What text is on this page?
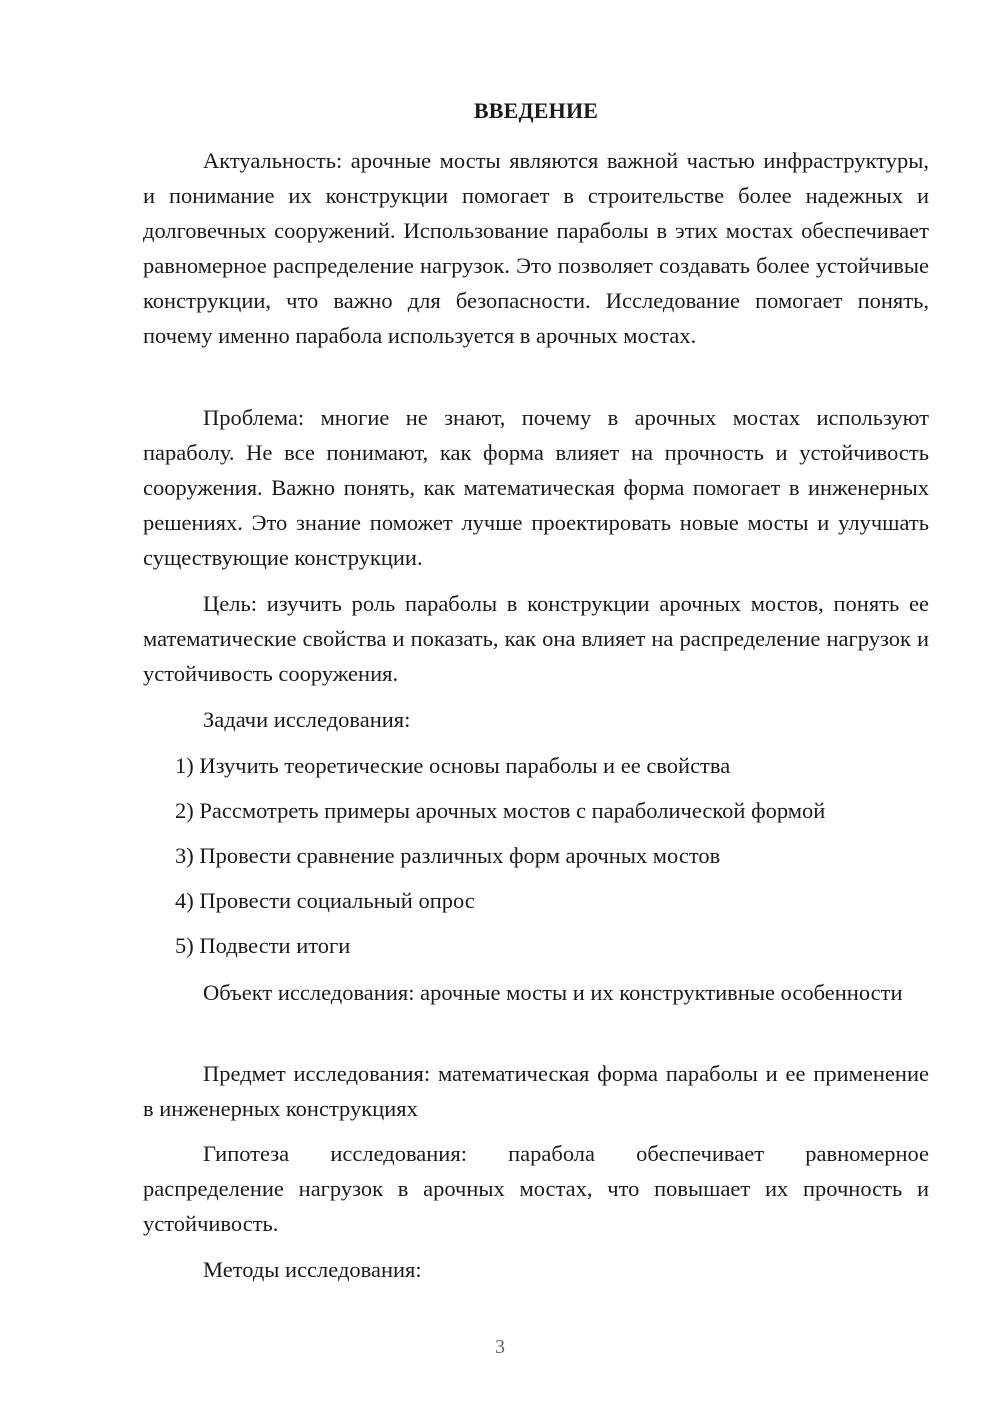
ВВЕДЕНИЕ

Актуальность: арочные мосты являются важной частью инфраструктуры, и понимание их конструкции помогает в строительстве более надежных и долговечных сооружений. Использование параболы в этих мостах обеспечивает равномерное распределение нагрузок. Это позволяет создавать более устойчивые конструкции, что важно для безопасности. Исследование помогает понять, почему именно парабола используется в арочных мостах.

Проблема: многие не знают, почему в арочных мостах используют параболу. Не все понимают, как форма влияет на прочность и устойчивость сооружения. Важно понять, как математическая форма помогает в инженерных решениях. Это знание поможет лучше проектировать новые мосты и улучшать существующие конструкции.

Цель: изучить роль параболы в конструкции арочных мостов, понять ее математические свойства и показать, как она влияет на распределение нагрузок и устойчивость сооружения.

Задачи исследования:

1) Изучить теоретические основы параболы и ее свойства

2) Рассмотреть примеры арочных мостов с параболической формой

3) Провести сравнение различных форм арочных мостов

4) Провести социальный опрос

5) Подвести итоги

Объект исследования: арочные мосты и их конструктивные особенности

Предмет исследования: математическая форма параболы и ее применение в инженерных конструкциях

Гипотеза исследования: парабола обеспечивает равномерное распределение нагрузок в арочных мостах, что повышает их прочность и устойчивость.

Методы исследования:

3
